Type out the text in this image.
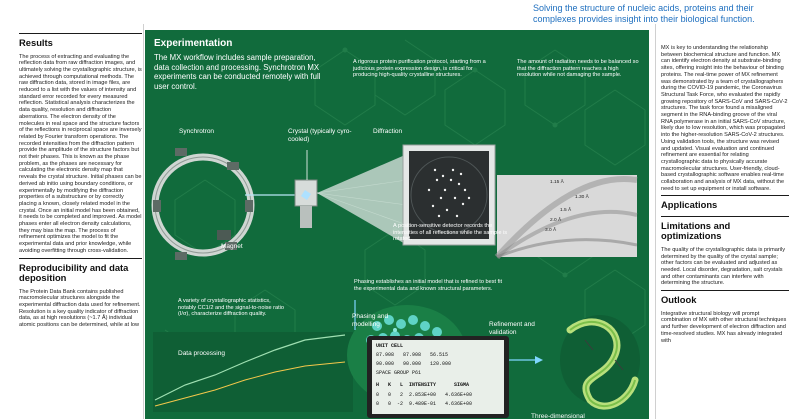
Solving the structure of nucleic acids, proteins and their complexes provides insight into their biological function.
Results

The process of extracting and evaluating the reflection data from raw diffraction images, and ultimately solving the crystallographic structure, is achieved through computational methods. The raw diffraction data, stored in image files, are reduced to a list with the values of intensity and standard error recorded for every measured reflection. Statistical analysis characterizes the data quality, resolution and diffraction aberrations. The electron density of the molecules in real space and the structure factors of the reflections in reciprocal space are inversely related by Fourier transform operations. The recorded intensities from the diffraction pattern provide the amplitude of the structure factors but not their phases. This is known as the phase problem, as the phases are necessary for calculating the electronic density map that reveals the crystal structure. Initial phases can be derived ab initio using boundary conditions, or experimentally by modifying the diffraction properties of a substructure or by correctly placing a known, closely related model in the crystal. Once an initial model has been obtained, it needs to be completed and improved. As model phases enter all electron density calculations, they may bias the map. The process of refinement optimizes the model to fit the experimental data and prior knowledge, while avoiding overfitting through cross-validation.

Reproducibility and data deposition

The Protein Data Bank contains published macromolecular structures alongside the experimental diffraction data used for refinement. Resolution is a key quality indicator of diffraction data, as at high resolutions (~1.7 Å) individual atomic positions can be determined, while at low

Experimentation
The MX workflow includes sample preparation, data collection and processing. Synchrotron MX experiments can be conducted remotely with full user control.
A rigorous protein purification protocol, starting from a judicious protein expression design, is critical for producing high-quality crystalline structures.
The amount of radiation needs to be balanced so that the diffraction pattern reaches a high resolution while not damaging the sample.
Synchrotron	Crystal (typically cyro-cooled)
Diffraction
Magnet
1.15 Å
1.30 Å
1.5 Å
2.0 Å
3.0 Å
A position-sensitive detector records the intensities of all reflections while the sample is rotated.
A variety of crystallographic statistics, notably CC1/2 and the signal-to-noise ratio (I/σ), characterize diffraction quality.
Phasing establishes an initial model that is refined to best fit the experimental data and known structural parameters.
Data processing
Phasing and modelling	Refinement and validation
Three-dimensional
UNIT CELL
87.908   87.908   56.515
90.000   90.000   120.000
SPACE GROUP P61
H   K   L  INTENSITY      SIGMA
0   0   2  2.853E+00   4.636E+00
0   0  -2  9.489E-01   4.636E+00

MX is key to understanding the relationship between biochemical structure and function. MX can identify electron density at substrate-binding sites, offering insight into the behaviour of binding proteins. The real-time power of MX refinement was demonstrated by a team of crystallographers during the COVID-19 pandemic, the Coronavirus Structural Task Force, who evaluated the rapidly growing repository of SARS-CoV and SARS-CoV-2 structures. The task force found a misaligned segment in the RNA-binding groove of the viral RNA polymerase in an initial SARS-CoV structure, likely due to low resolution, which was propagated into the higher-resolution SARS-CoV-2 structures. Using validation tools, the structure was revised and updated. Visual evaluation and continued refinement are essential for relating crystallographic data to physically accurate macromolecular structures. User-friendly, cloud-based crystallographic software enables real-time collaboration and analysis of MX data, without the need to set up equipment or install software.

Applications
Limitations and optimizations

The quality of the crystallographic data is primarily determined by the quality of the crystal sample; other factors can be evaluated and adjusted as needed. Local disorder, degradation, salt crystals and other contaminants can interfere with determining the structure.

Outlook

Integrative structural biology will prompt combination of MX with other structural techniques and further development of electron diffraction and time-resolved studies. MX has already integrated with
